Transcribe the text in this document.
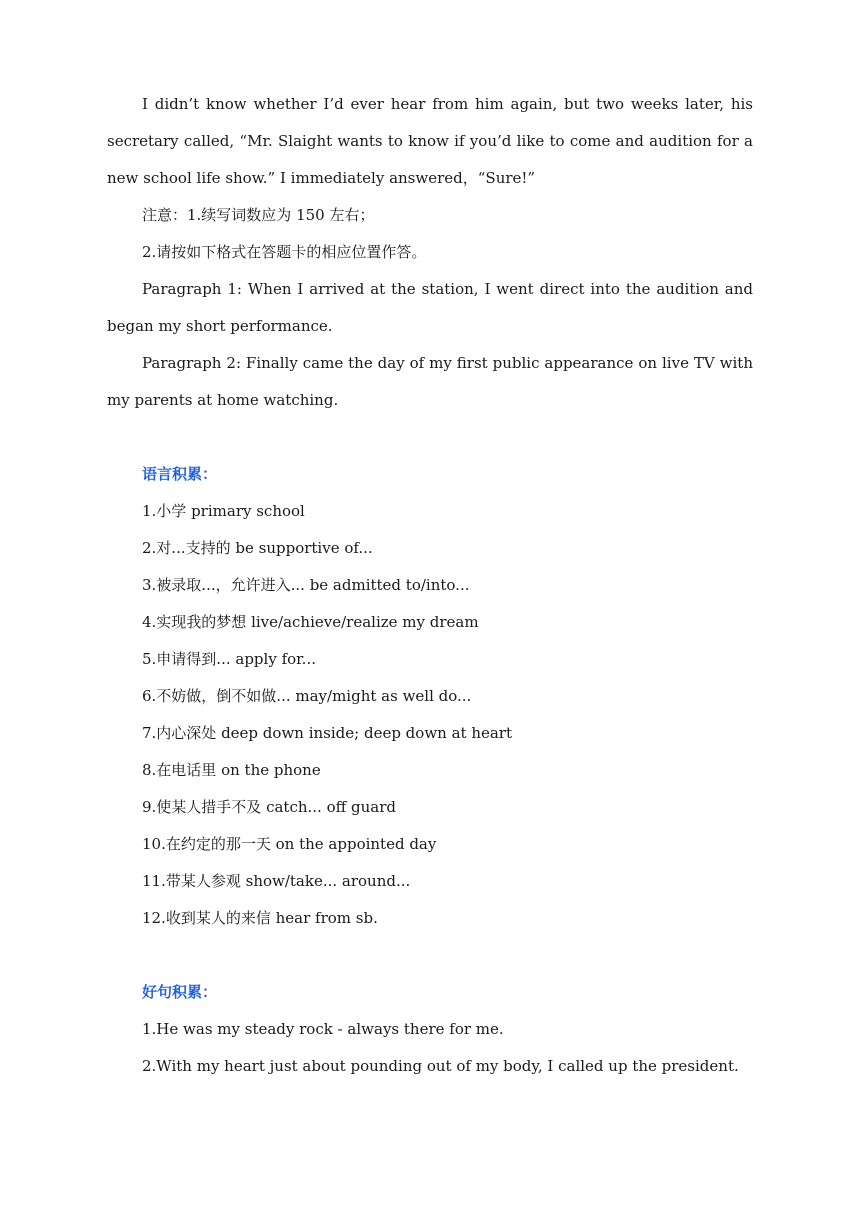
I didn’t know whether I’d ever hear from him again, but two weeks later, his secretary called, “Mr. Slaight wants to know if you’d like to come and audition for a new school life show.” I immediately answered，“Sure!”

注意：1.续写词数应为 150 左右；

2.请按如下格式在答题卡的相应位置作答。

Paragraph 1: When I arrived at the station, I went direct into the audition and began my short performance.

Paragraph 2: Finally came the day of my first public appearance on live TV with my parents at home watching.

语言积累：

1.小学 primary school

2.对...支持的 be supportive of...

3.被录取...，允许进入... be admitted to/into...

4.实现我的梦想 live/achieve/realize my dream

5.申请得到... apply for...

6.不妨做，倒不如做... may/might as well do...

7.内心深处 deep down inside; deep down at heart

8.在电话里 on the phone

9.使某人措手不及 catch... off guard

10.在约定的那一天 on the appointed day

11.带某人参观 show/take... around...

12.收到某人的来信 hear from sb.

好句积累：

1.He was my steady rock - always there for me.

2.With my heart just about pounding out of my body, I called up the president.
